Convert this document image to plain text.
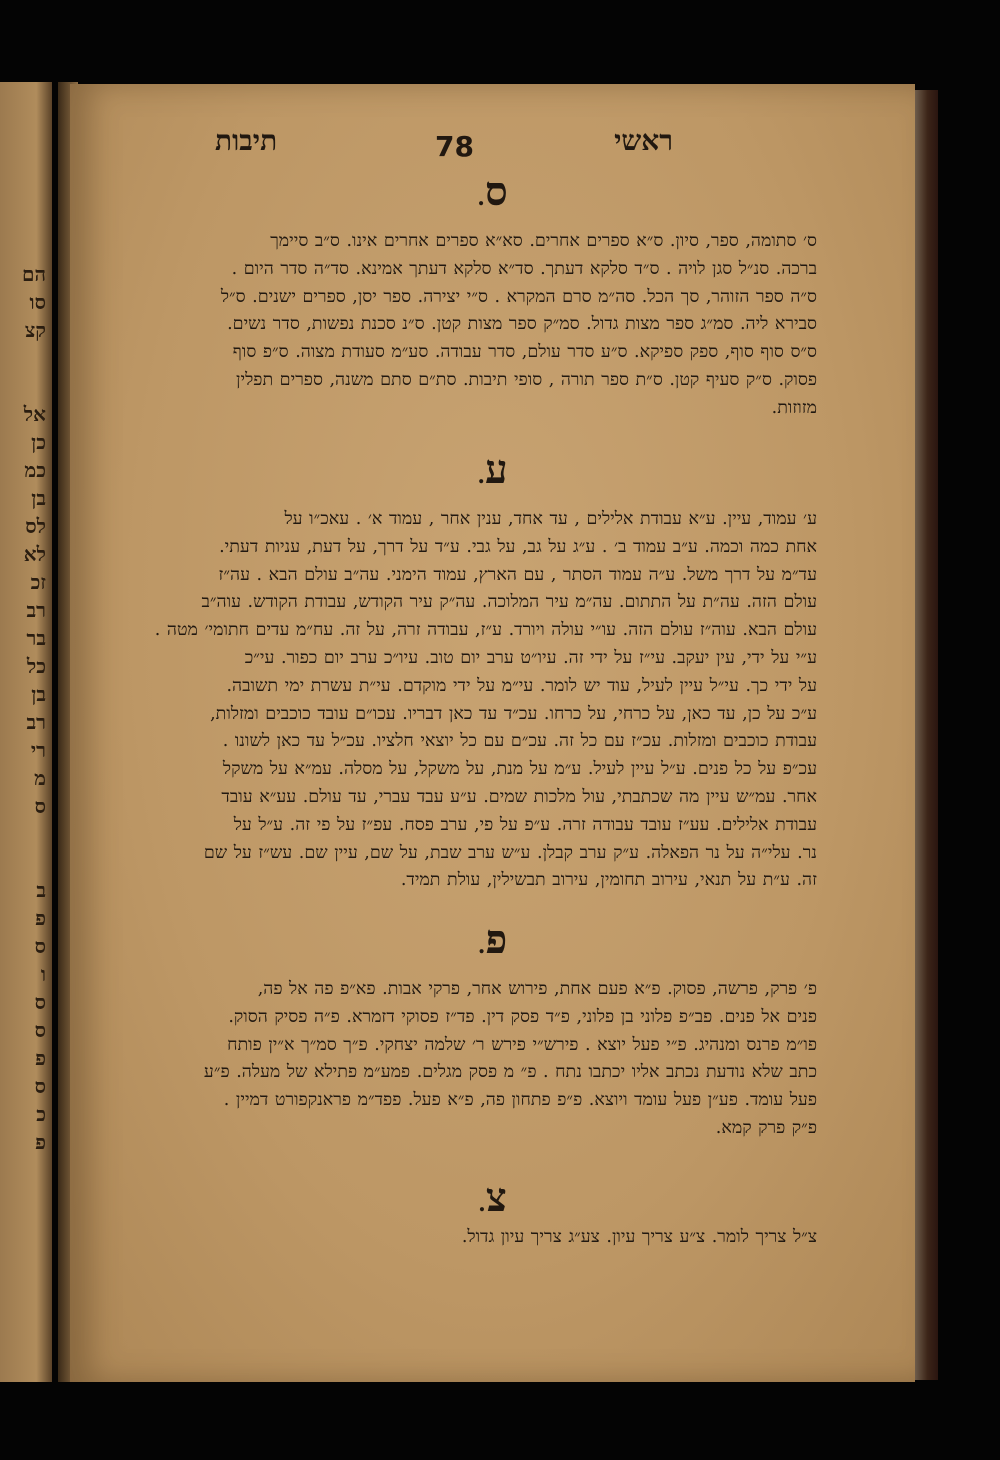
הם
סו
קצ
אל
כן
כמ
בן
לס
לא
זכ
רב
בר
כל
בן
רב
רי
מ
ס
ב
פ
ס
ו
ס
ס
פ
ס
כ
פ
ראשי
78
תיבות
ס.
ס׳ סתומה, ספר, סיון. ס״א ספרים אחרים. סא״א ספרים אחרים אינו. ס״ב סיימך
ברכה. סנ״ל סגן לויה . ס״ד סלקא דעתך. סד״א סלקא דעתך אמינא. סד״ה סדר היום .
ס״ה ספר הזוהר, סך הכל. סה״מ סרם המקרא . ס״י יצירה. ספר יסן, ספרים ישנים. ס״ל
סבירא ליה. סמ״ג ספר מצות גדול. סמ״ק ספר מצות קטן. ס״נ סכנת נפשות, סדר נשים.
ס״ס סוף סוף, ספק ספיקא. ס״ע סדר עולם, סדר עבודה. סע״מ סעודת מצוה. ס״פ סוף
פסוק. ס״ק סעיף קטן. ס״ת ספר תורה , סופי תיבות. סת״ם סתם משנה, ספרים תפלין
מזוזות.
ע.
ע׳ עמוד, עיין. ע״א עבודת אלילים , עד אחד, ענין אחר , עמוד א׳ . עאכ״ו על
אחת כמה וכמה. ע״ב עמוד ב׳ . ע״ג על גב, על גבי. ע״ד על דרך, על דעת, עניות דעתי.
עד״מ על דרך משל. ע״ה עמוד הסתר , עם הארץ, עמוד הימני. עה״ב עולם הבא . עה״ז
עולם הזה. עה״ת על התתום. עה״מ עיר המלוכה. עה״ק עיר הקודש, עבודת הקודש. עוה״ב
עולם הבא. עוה״ז עולם הזה. עו״י עולה ויורד. ע״ז, עבודה זרה, על זה. עח״מ עדים חתומי׳ מטה .
ע״י על ידי, עין יעקב. עי״ז על ידי זה. עיו״ט ערב יום טוב. עיו״כ ערב יום כפור. עי״כ
על ידי כך. עי״ל עיין לעיל, עוד יש לומר. עי״מ על ידי מוקדם. עי״ת עשרת ימי תשובה.
ע״כ על כן, עד כאן, על כרחי, על כרחו. עכ״ד עד כאן דבריו. עכו״ם עובד כוכבים ומזלות,
עבודת כוכבים ומזלות. עכ״ז עם כל זה. עכ״ם עם כל יוצאי חלציו. עכ״ל עד כאן לשונו .
עכ״פ על כל פנים. ע״ל עיין לעיל. ע״מ על מנת, על משקל, על מסלה. עמ״א על משקל
אחר. עמ״ש עיין מה שכתבתי, עול מלכות שמים. ע״ע עבד עברי, עד עולם. עע״א עובד
עבודת אלילים. עע״ז עובד עבודה זרה. ע״פ על פי, ערב פסח. עפ״ז על פי זה. ע״ל על
נר. עלי״ה על נר הפאלה. ע״ק ערב קבלן. ע״ש ערב שבת, על שם, עיין שם. עש״ז על שם
זה. ע״ת על תנאי, עירוב תחומין, עירוב תבשילין, עולת תמיד.
פ.
פ׳ פרק, פרשה, פסוק. פ״א פעם אחת, פירוש אחר, פרקי אבות. פא״פ פה אל פה,
פנים אל פנים. פב״פ פלוני בן פלוני, פ״ד פסק דין. פד״ז פסוקי דזמרא. פ״ה פסיק הסוק.
פו״מ פרנס ומנהיג. פ״י פעל יוצא . פירש״י פירש ר׳ שלמה יצחקי. פ״ך סמ״ך א״ין פותח
כתב שלא נודעת נכתב אליו יכתבו נתח . פ״ מ פסק מגלים. פמע״מ פתילא של מעלה. פ״ע
פעל עומד. פע״ן פעל עומד ויוצא. פ״פ פתחון פה, פ״א פעל. פפד״מ פראנקפורט דמיין .
פ״ק פרק קמא.
צ.
צ״ל צריך לומר. צ״ע צריך עיון. צע״ג צריך עיון גדול.
